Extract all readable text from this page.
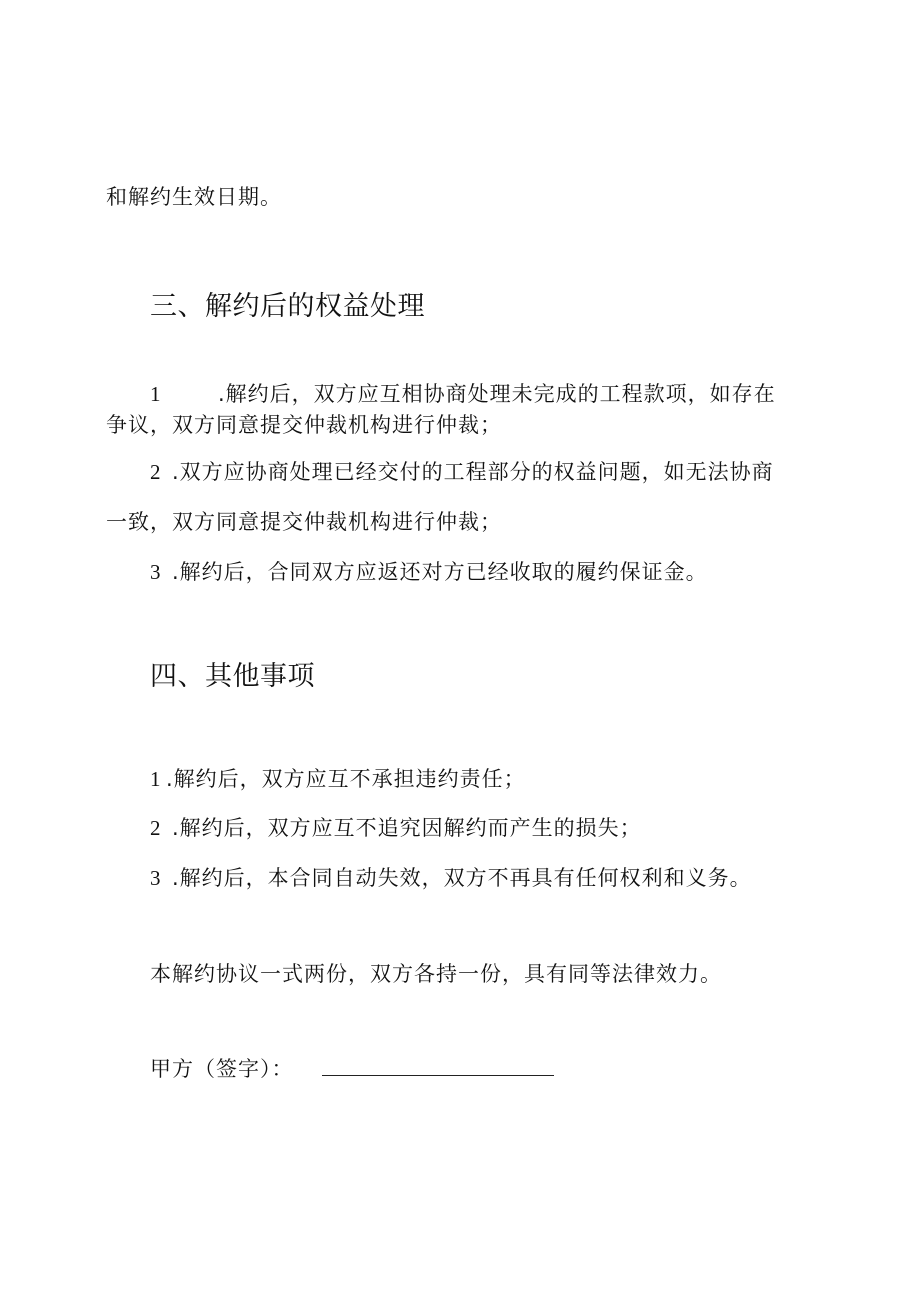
和解约生效日期。
三、解约后的权益处理
1	.解约后，双方应互相协商处理未完成的工程款项，如存在
争议，双方同意提交仲裁机构进行仲裁；
2 .双方应协商处理已经交付的工程部分的权益问题，如无法协商
一致，双方同意提交仲裁机构进行仲裁；
3 .解约后，合同双方应返还对方已经收取的履约保证金。
四、其他事项
1 .解约后，双方应互不承担违约责任；
2 .解约后，双方应互不追究因解约而产生的损失；
3 .解约后，本合同自动失效，双方不再具有任何权利和义务。
本解约协议一式两份，双方各持一份，具有同等法律效力。
甲方（签字）：
